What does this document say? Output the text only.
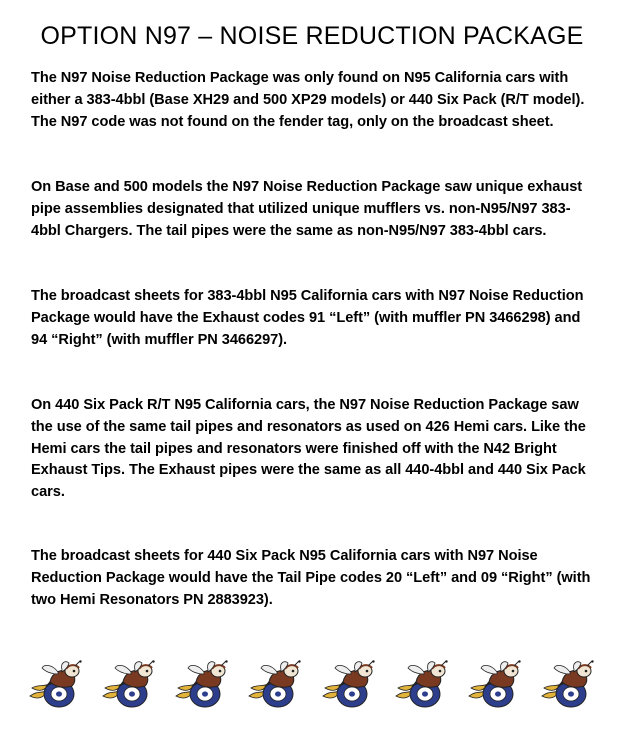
OPTION N97 – NOISE REDUCTION PACKAGE

The N97 Noise Reduction Package was only found on N95 California cars with either a 383-4bbl (Base XH29 and 500 XP29 models) or 440 Six Pack (R/T model). The N97 code was not found on the fender tag, only on the broadcast sheet.

On Base and 500 models the N97 Noise Reduction Package saw unique exhaust pipe assemblies designated that utilized unique mufflers vs. non-N95/N97 383-4bbl Chargers. The tail pipes were the same as non-N95/N97 383-4bbl cars.

The broadcast sheets for 383-4bbl N95 California cars with N97 Noise Reduction Package would have the Exhaust codes 91 “Left” (with muffler PN 3466298) and 94 “Right” (with muffler PN 3466297).

On 440 Six Pack R/T N95 California cars, the N97 Noise Reduction Package saw the use of the same tail pipes and resonators as used on 426 Hemi cars. Like the Hemi cars the tail pipes and resonators were finished off with the N42 Bright Exhaust Tips. The Exhaust pipes were the same as all 440-4bbl and 440 Six Pack cars.

The broadcast sheets for 440 Six Pack N95 California cars with N97 Noise Reduction Package would have the Tail Pipe codes 20 “Left” and 09 “Right” (with two Hemi Resonators PN 2883923).
